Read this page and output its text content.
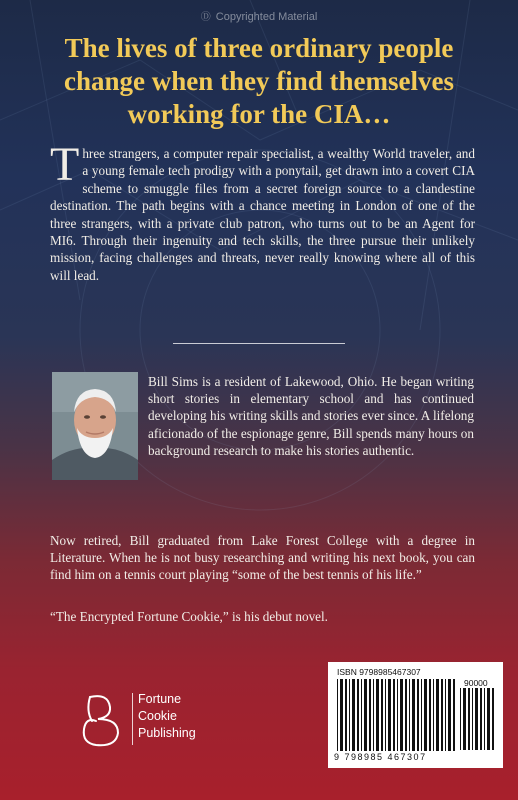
Ⓓ Copyrighted Material
The lives of three ordinary people change when they find themselves working for the CIA…
Three strangers, a computer repair specialist, a wealthy World traveler, and a young female tech prodigy with a ponytail, get drawn into a covert CIA scheme to smuggle files from a secret foreign source to a clandestine destination. The path begins with a chance meeting in London of one of the three strangers, with a private club patron, who turns out to be an Agent for MI6. Through their ingenuity and tech skills, the three pursue their unlikely mission, facing challenges and threats, never really knowing where all of this will lead.
Bill Sims is a resident of Lakewood, Ohio. He began writing short stories in elementary school and has continued developing his writing skills and stories ever since. A lifelong aficionado of the espionage genre, Bill spends many hours on background research to make his stories authentic.
Now retired, Bill graduated from Lake Forest College with a degree in Literature. When he is not busy researching and writing his next book, you can find him on a tennis court playing “some of the best tennis of his life.”
“The Encrypted Fortune Cookie,” is his debut novel.
Fortune
Cookie
Publishing
ISBN 9798985467307
90000
9 798985 467307
